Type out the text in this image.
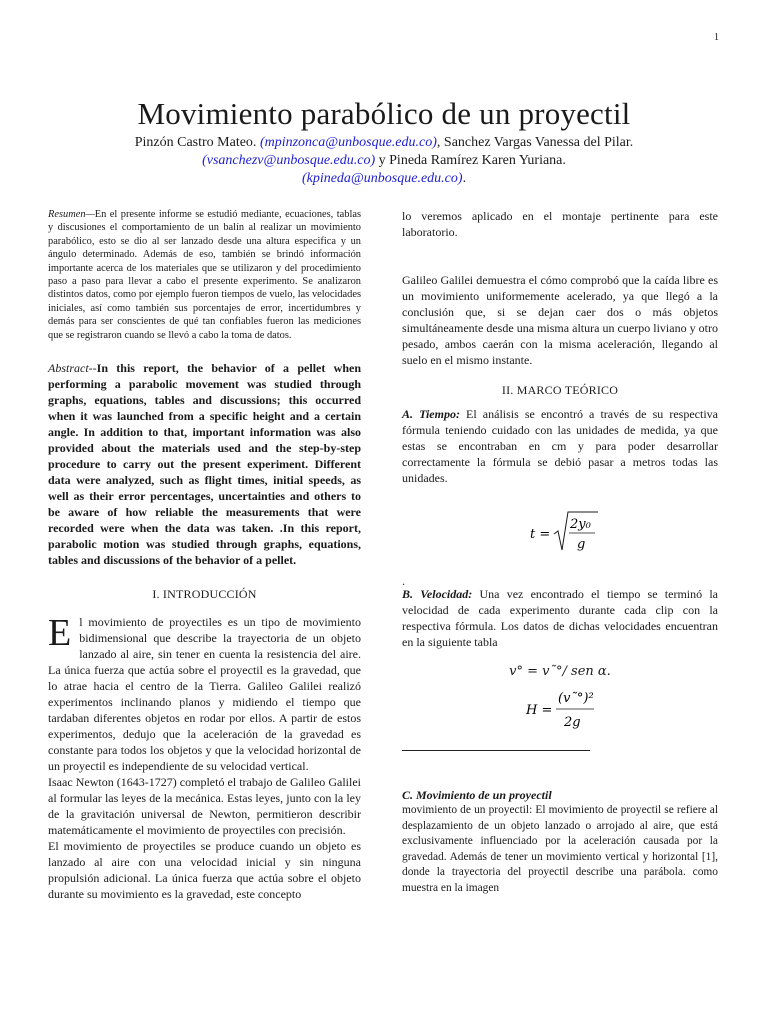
1
Movimiento parabólico de un proyectil
Pinzón Castro Mateo. (mpinzonca@unbosque.edu.co), Sanchez Vargas Vanessa del Pilar.
(vsanchezv@unbosque.edu.co) y Pineda Ramírez Karen Yuriana.
(kpineda@unbosque.edu.co).

Resumen—En el presente informe se estudió mediante, ecuaciones, tablas y discusiones el comportamiento de un balín al realizar un movimiento parabólico, esto se dio al ser lanzado desde una altura especifica y un ángulo determinado. Además de eso, también se brindó información importante acerca de los materiales que se utilizaron y del procedimiento paso a paso para llevar a cabo el presente experimento. Se analizaron distintos datos, como por ejemplo fueron tiempos de vuelo, las velocidades iniciales, así como también sus porcentajes de error, incertidumbres y demás para ser conscientes de qué tan confiables fueron las mediciones que se registraron cuando se llevó a cabo la toma de datos.

Abstract--In this report, the behavior of a pellet when performing a parabolic movement was studied through graphs, equations, tables and discussions; this occurred when it was launched from a specific height and a certain angle. In addition to that, important information was also provided about the materials used and the step-by-step procedure to carry out the present experiment. Different data were analyzed, such as flight times, initial speeds, as well as their error percentages, uncertainties and others to be aware of how reliable the measurements that were recorded were when the data was taken. .In this report, parabolic motion was studied through graphs, equations, tables and discussions of the behavior of a pellet.

I. INTRODUCCIÓN

El movimiento de proyectiles es un tipo de movimiento bidimensional que describe la trayectoria de un objeto lanzado al aire, sin tener en cuenta la resistencia del aire. La única fuerza que actúa sobre el proyectil es la gravedad, que lo atrae hacia el centro de la Tierra. Galileo Galilei realizó experimentos inclinando planos y midiendo el tiempo que tardaban diferentes objetos en rodar por ellos. A partir de estos experimentos, dedujo que la aceleración de la gravedad es constante para todos los objetos y que la velocidad horizontal de un proyectil es independiente de su velocidad vertical.

Isaac Newton (1643-1727) completó el trabajo de Galileo Galilei al formular las leyes de la mecánica. Estas leyes, junto con la ley de la gravitación universal de Newton, permitieron describir matemáticamente el movimiento de proyectiles con precisión.

El movimiento de proyectiles se produce cuando un objeto es lanzado al aire con una velocidad inicial y sin ninguna propulsión adicional. La única fuerza que actúa sobre el objeto durante su movimiento es la gravedad, este concepto

lo veremos aplicado en el montaje pertinente para este laboratorio.

Galileo Galilei demuestra el cómo comprobó que la caída libre es un movimiento uniformemente acelerado, ya que llegó a la conclusión que, si se dejan caer dos o más objetos simultáneamente desde una misma altura un cuerpo liviano y otro pesado, ambos caerán con la misma aceleración, llegando al suelo en el mismo instante.

II. MARCO TEÓRICO

A. Tiempo: El análisis se encontró a través de su respectiva fórmula teniendo cuidado con las unidades de medida, ya que estas se encontraban en cm y para poder desarrollar correctamente la fórmula se debió pasar a metros todas las unidades.

t =
2y₀
g
.

B. Velocidad: Una vez encontrado el tiempo se terminó la velocidad de cada experimento durante cada clip con la respectiva fórmula. Los datos de dichas velocidades encuentran en la siguiente tabla

v° = v˜°/ sen α.
H =
(v˜°)²
2g

C. Movimiento de un proyectil

movimiento de un proyectil: El movimiento de proyectil se refiere al desplazamiento de un objeto lanzado o arrojado al aire, que está exclusivamente influenciado por la aceleración causada por la gravedad. Además de tener un movimiento vertical y horizontal [1], donde la trayectoria del proyectil describe una parábola. como muestra en la imagen
